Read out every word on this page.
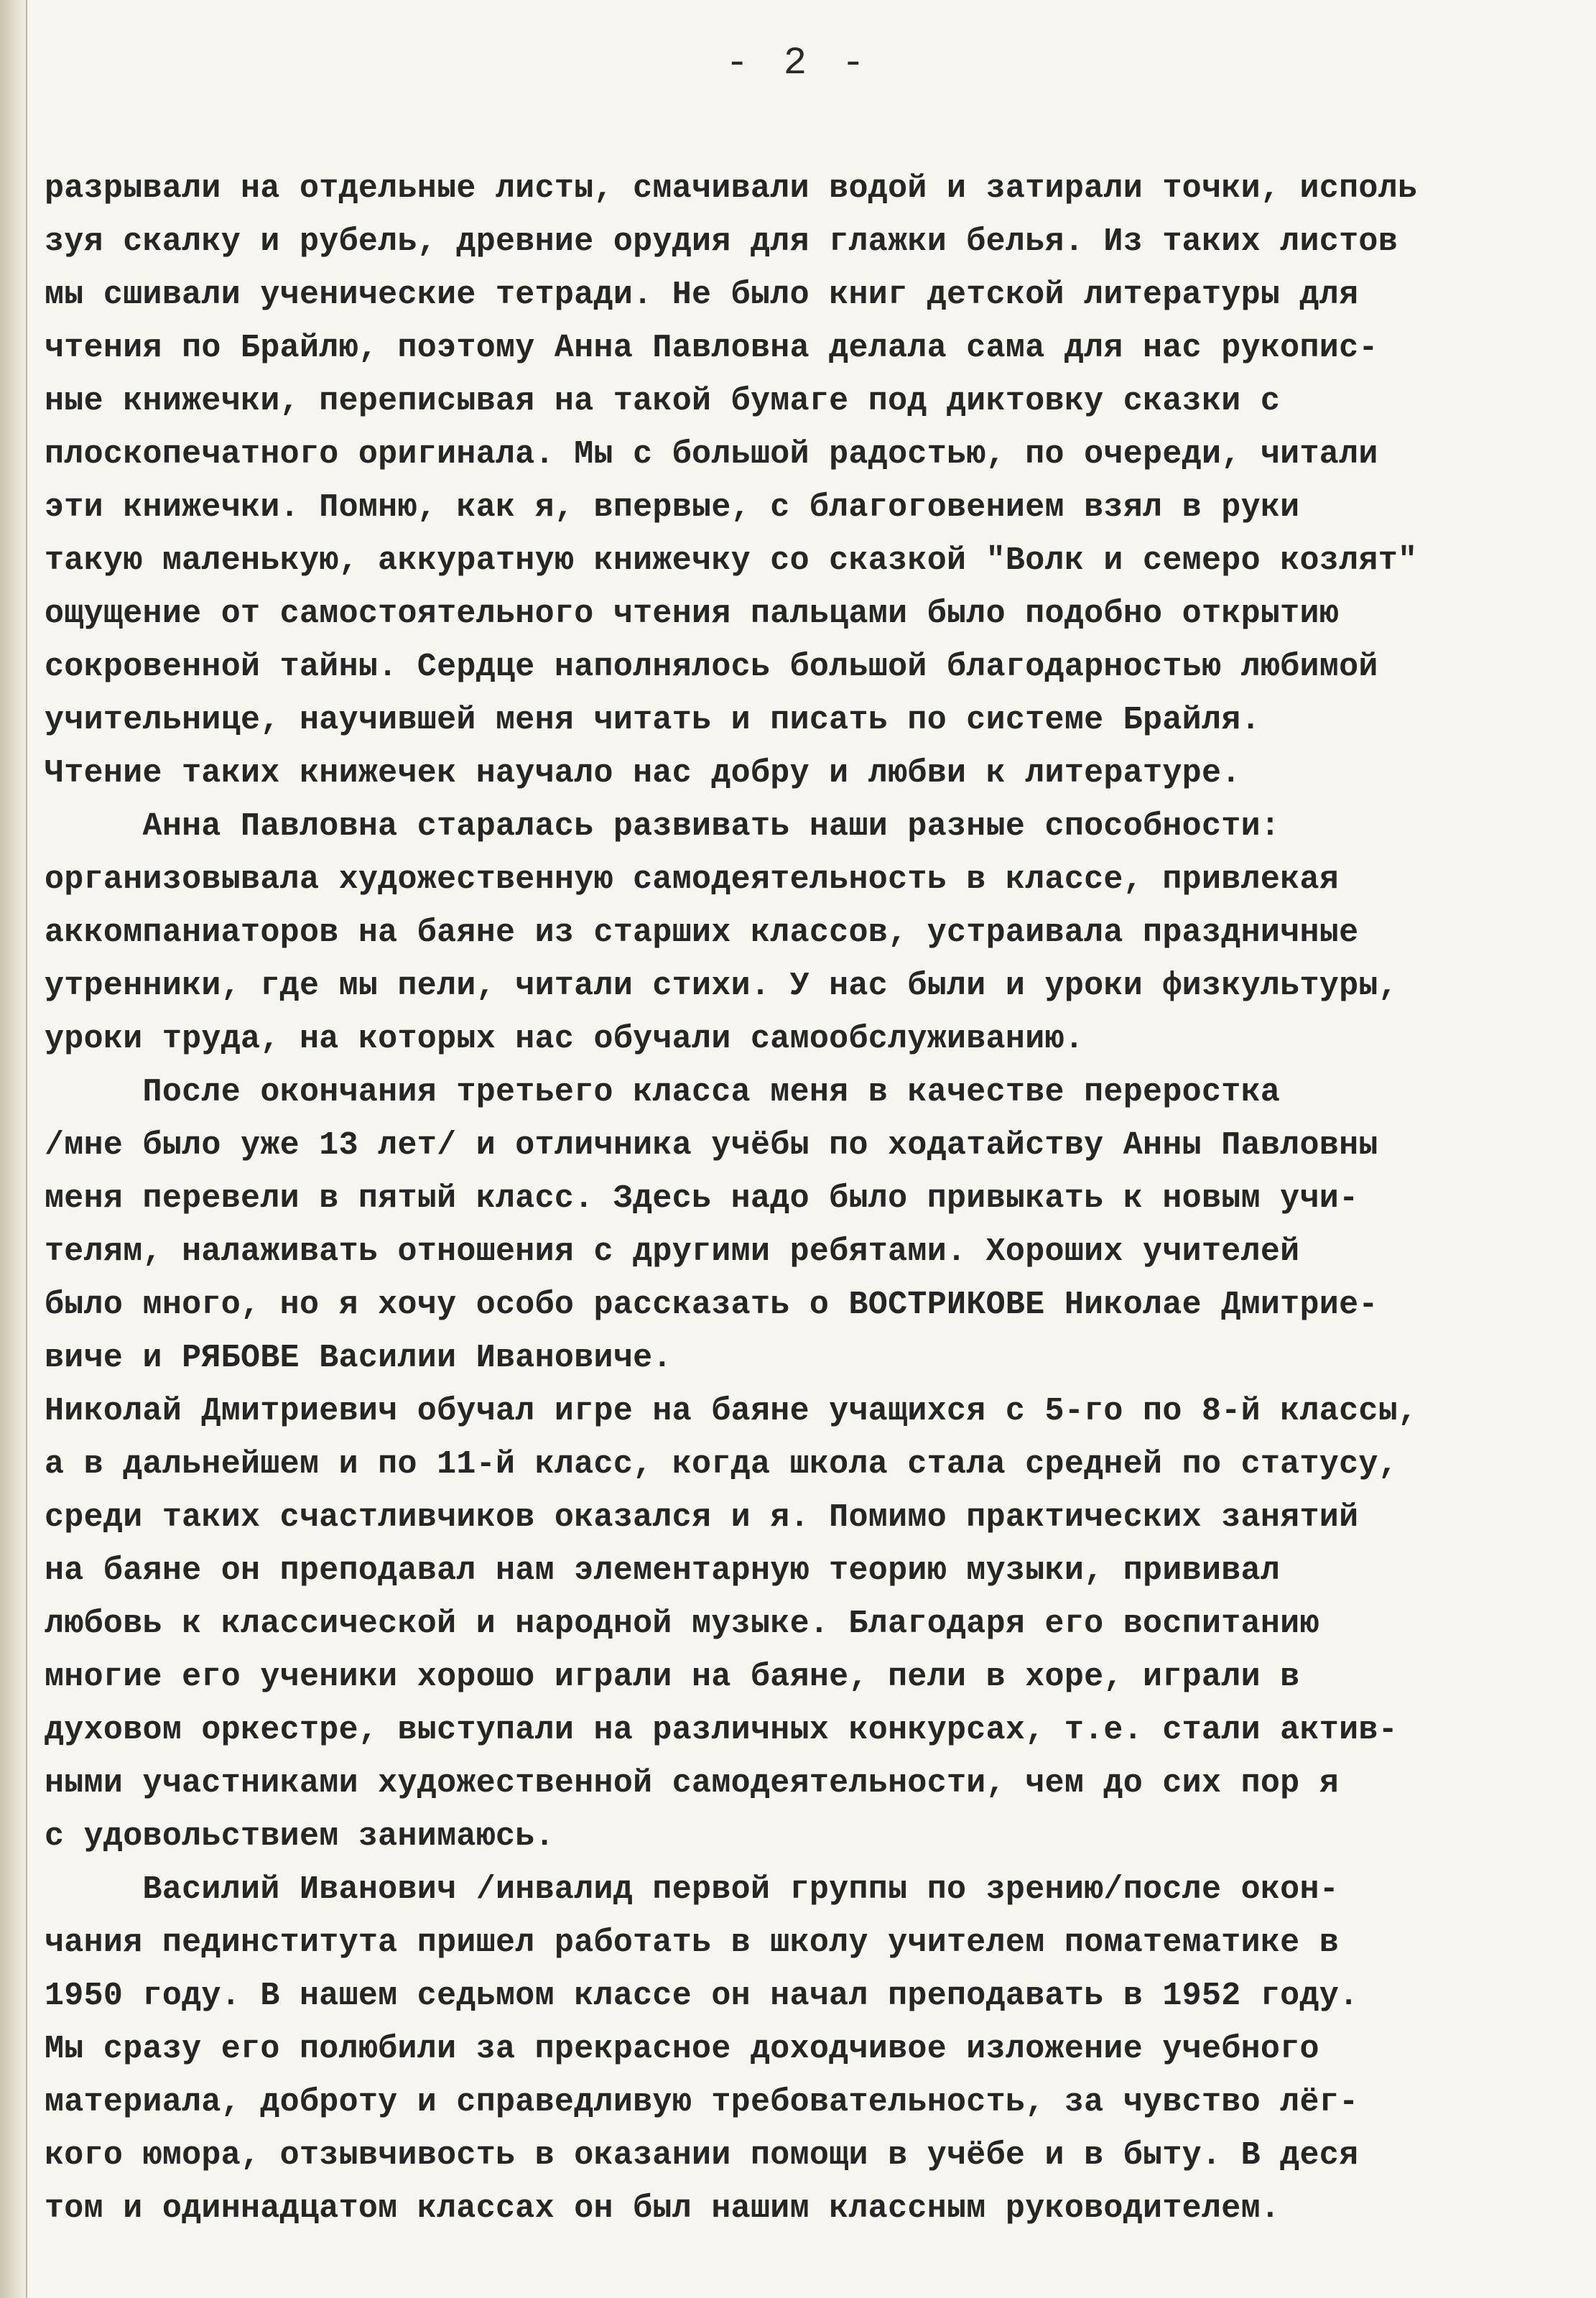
- 2 -
разрывали на отдельные листы, смачивали водой и затирали точки, исполь
зуя скалку и рубель, древние орудия для глажки белья. Из таких листов
мы сшивали ученические тетради. Не было книг детской литературы для
чтения по Брайлю, поэтому Анна Павловна делала сама для нас рукопис-
ные книжечки, переписывая на такой бумаге под диктовку сказки с
плоскопечатного оригинала. Мы с большой радостью, по очереди, читали
эти книжечки. Помню, как я, впервые, с благоговением взял в руки
такую маленькую, аккуратную книжечку со сказкой "Волк и семеро козлят"
ощущение от самостоятельного чтения пальцами было подобно открытию
сокровенной тайны. Сердце наполнялось большой благодарностью любимой
учительнице, научившей меня читать и писать по системе Брайля.
Чтение таких книжечек научало нас добру и любви к литературе.
Анна Павловна старалась развивать наши разные способности:
организовывала художественную самодеятельность в классе, привлекая
аккомпаниаторов на баяне из старших классов, устраивала праздничные
утренники, где мы пели, читали стихи. У нас были и уроки физкультуры,
уроки труда, на которых нас обучали самообслуживанию.
После окончания третьего класса меня в качестве переростка
/мне было уже 13 лет/ и отличника учёбы по ходатайству Анны Павловны
меня перевели в пятый класс. Здесь надо было привыкать к новым учи-
телям, налаживать отношения с другими ребятами. Хороших учителей
было много, но я хочу особо рассказать о ВОСТРИКОВЕ Николае Дмитрие-
виче и РЯБОВЕ Василии Ивановиче.
Николай Дмитриевич обучал игре на баяне учащихся с 5-го по 8-й классы,
а в дальнейшем и по 11-й класс, когда школа стала средней по статусу,
среди таких счастливчиков оказался и я. Помимо практических занятий
на баяне он преподавал нам элементарную теорию музыки, прививал
любовь к классической и народной музыке. Благодаря его воспитанию
многие его ученики хорошо играли на баяне, пели в хоре, играли в
духовом оркестре, выступали на различных конкурсах, т.е. стали актив-
ными участниками художественной самодеятельности, чем до сих пор я
с удовольствием занимаюсь.
Василий Иванович /инвалид первой группы по зрению/после окон-
чания пединститута пришел работать в школу учителем поматематике в
1950 году. В нашем седьмом классе он начал преподавать в 1952 году.
Мы сразу его полюбили за прекрасное доходчивое изложение учебного
материала, доброту и справедливую требовательность, за чувство лёг-
кого юмора, отзывчивость в оказании помощи в учёбе и в быту. В деся
том и одиннадцатом классах он был нашим классным руководителем.
